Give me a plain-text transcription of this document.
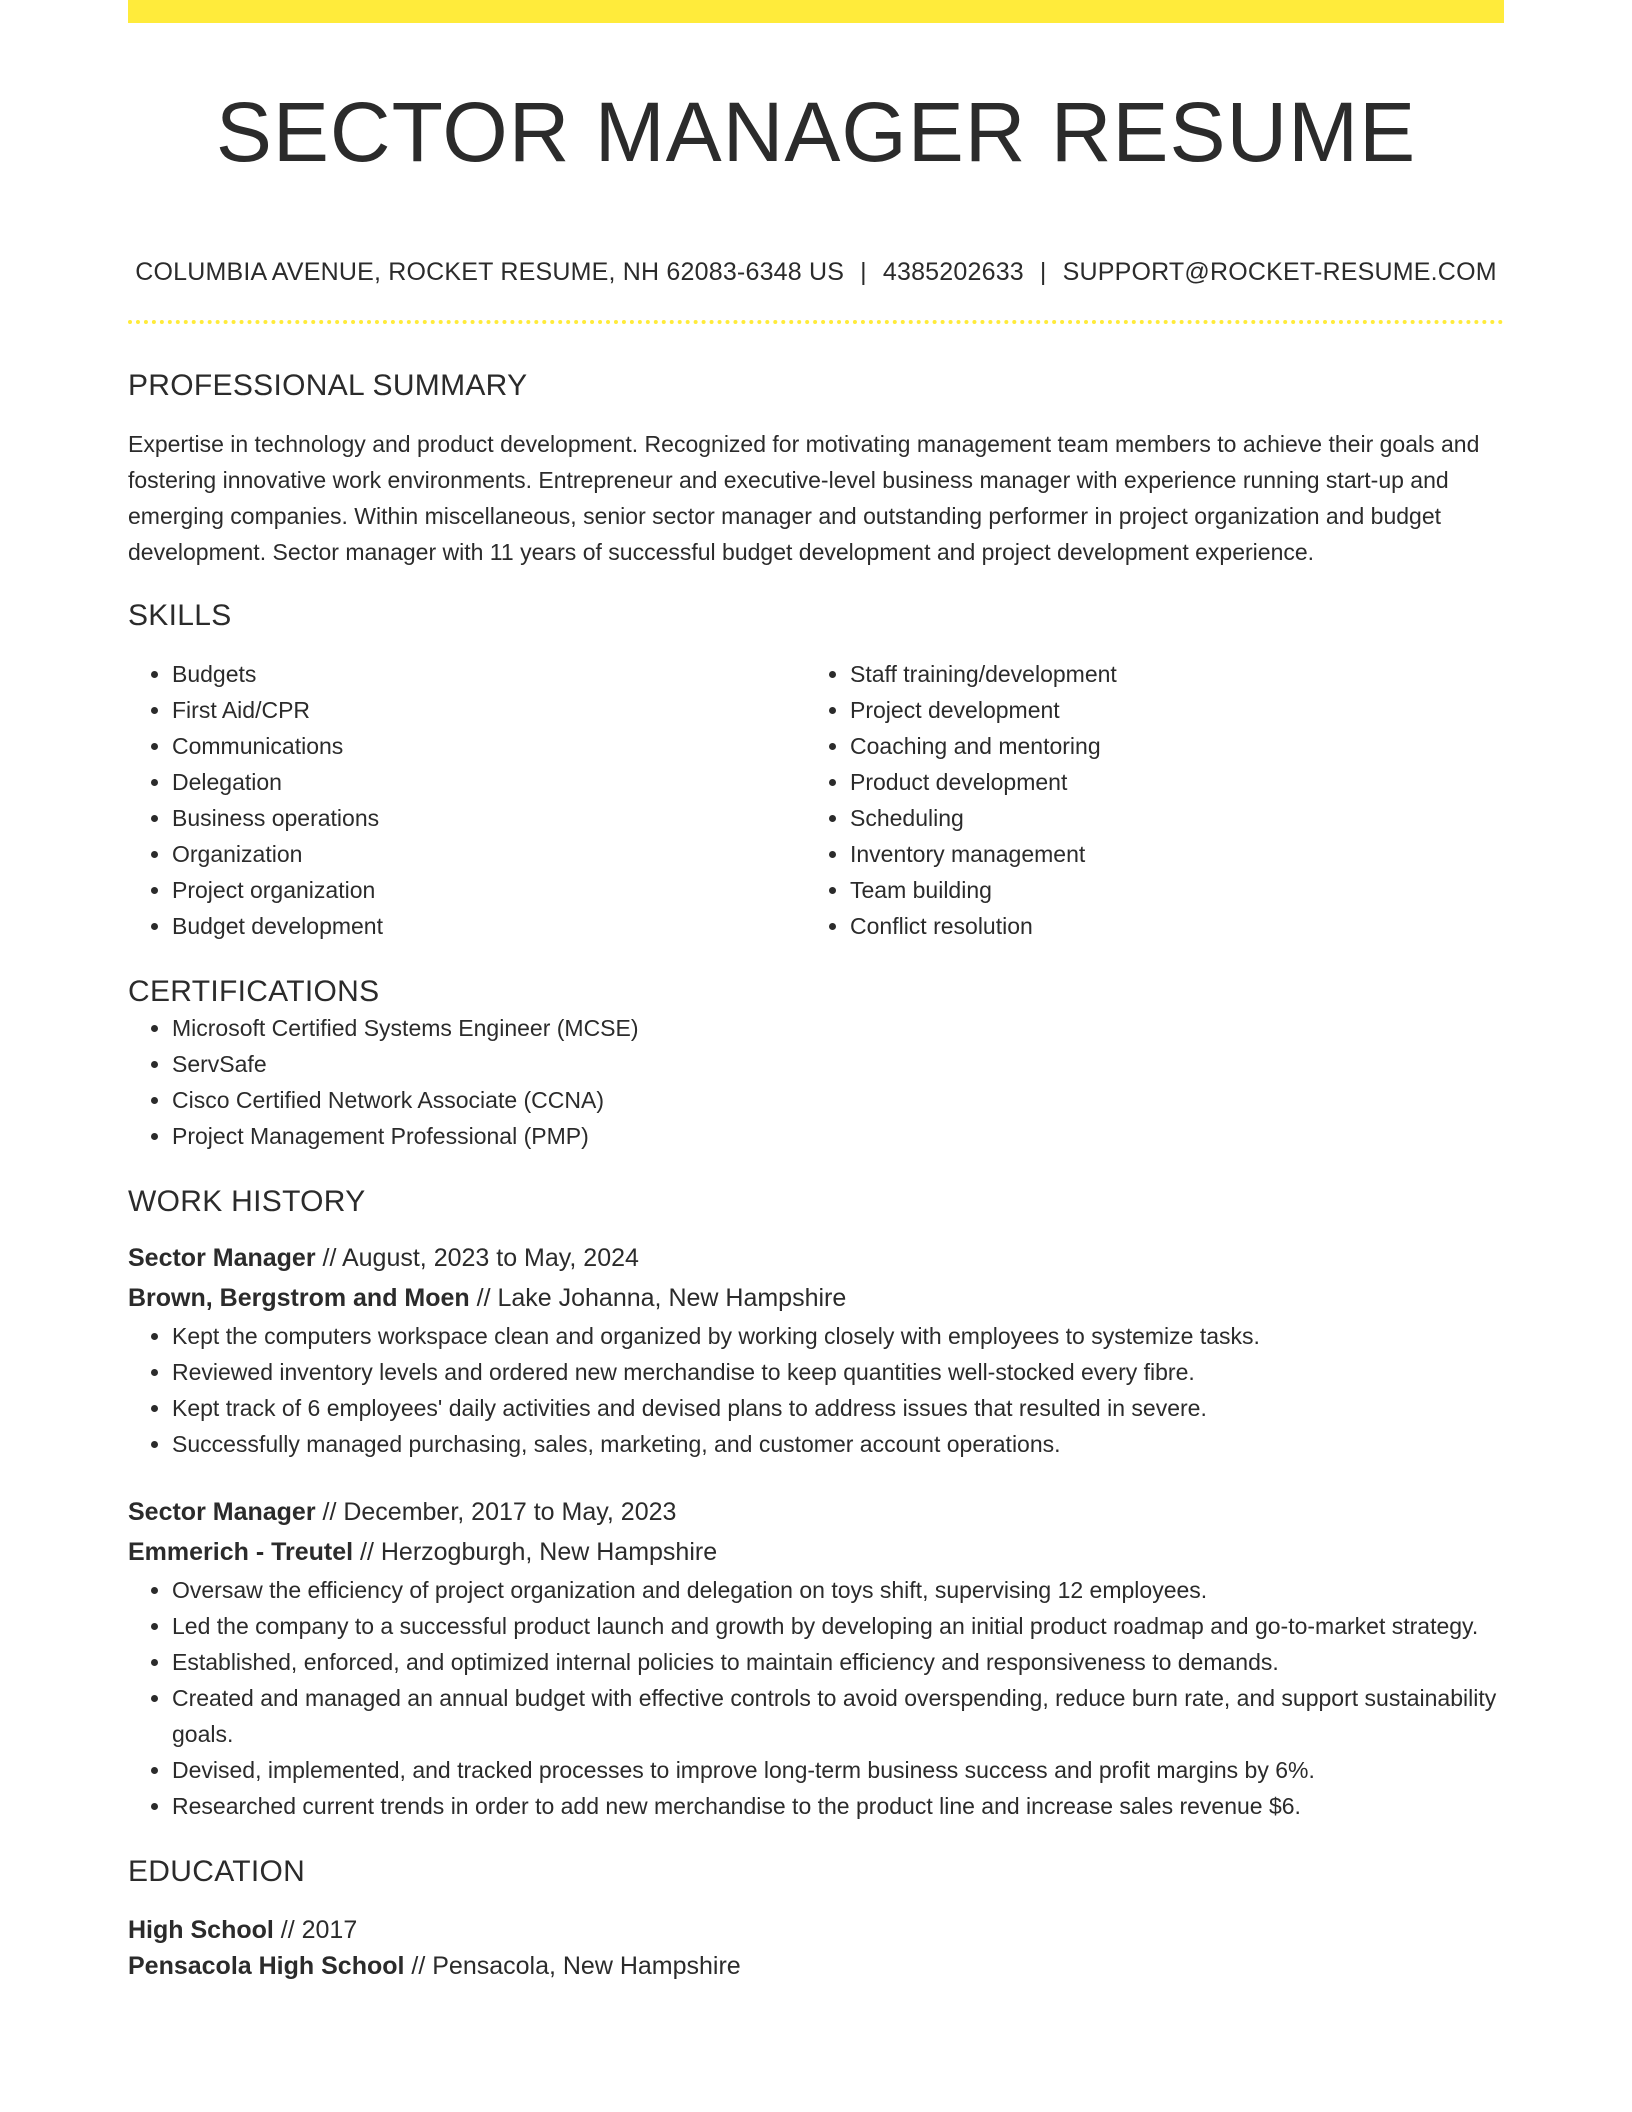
SECTOR MANAGER RESUME
COLUMBIA AVENUE, ROCKET RESUME, NH 62083-6348 US | 4385202633 | SUPPORT@ROCKET-RESUME.COM
PROFESSIONAL SUMMARY
Expertise in technology and product development. Recognized for motivating management team members to achieve their goals and fostering innovative work environments. Entrepreneur and executive-level business manager with experience running start-up and emerging companies. Within miscellaneous, senior sector manager and outstanding performer in project organization and budget development. Sector manager with 11 years of successful budget development and project development experience.
SKILLS
• Budgets
• First Aid/CPR
• Communications
• Delegation
• Business operations
• Organization
• Project organization
• Budget development
• Staff training/development
• Project development
• Coaching and mentoring
• Product development
• Scheduling
• Inventory management
• Team building
• Conflict resolution
CERTIFICATIONS
• Microsoft Certified Systems Engineer (MCSE)
• ServSafe
• Cisco Certified Network Associate (CCNA)
• Project Management Professional (PMP)
WORK HISTORY
Sector Manager // August, 2023 to May, 2024
Brown, Bergstrom and Moen // Lake Johanna, New Hampshire
• Kept the computers workspace clean and organized by working closely with employees to systemize tasks.
• Reviewed inventory levels and ordered new merchandise to keep quantities well-stocked every fibre.
• Kept track of 6 employees' daily activities and devised plans to address issues that resulted in severe.
• Successfully managed purchasing, sales, marketing, and customer account operations.
Sector Manager // December, 2017 to May, 2023
Emmerich - Treutel // Herzogburgh, New Hampshire
• Oversaw the efficiency of project organization and delegation on toys shift, supervising 12 employees.
• Led the company to a successful product launch and growth by developing an initial product roadmap and go-to-market strategy.
• Established, enforced, and optimized internal policies to maintain efficiency and responsiveness to demands.
• Created and managed an annual budget with effective controls to avoid overspending, reduce burn rate, and support sustainability goals.
• Devised, implemented, and tracked processes to improve long-term business success and profit margins by 6%.
• Researched current trends in order to add new merchandise to the product line and increase sales revenue $6.
EDUCATION
High School // 2017
Pensacola High School // Pensacola, New Hampshire
